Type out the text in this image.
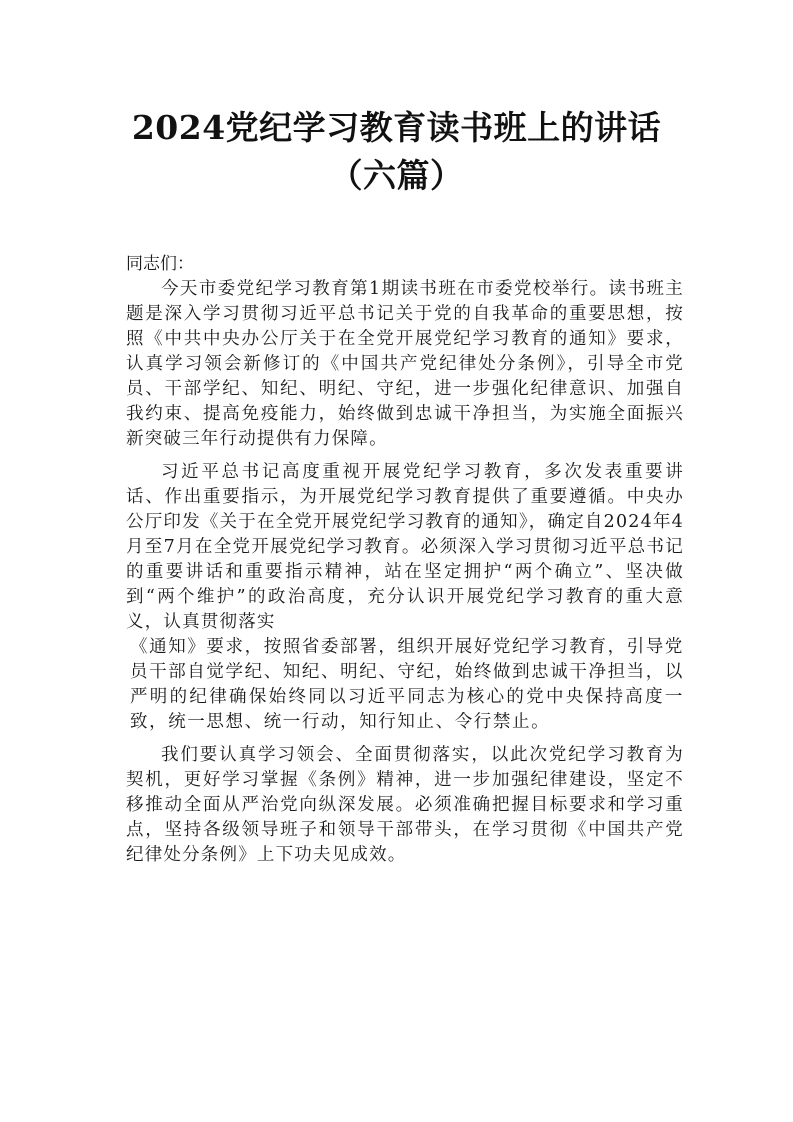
2024党纪学习教育读书班上的讲话
（六篇）

同志们：

今天市委党纪学习教育第1期读书班在市委党校举行。读书班主题是深入学习贯彻习近平总书记关于党的自我革命的重要思想，按照《中共中央办公厅关于在全党开展党纪学习教育的通知》要求，认真学习领会新修订的《中国共产党纪律处分条例》，引导全市党员、干部学纪、知纪、明纪、守纪，进一步强化纪律意识、加强自我约束、提高免疫能力，始终做到忠诚干净担当，为实施全面振兴新突破三年行动提供有力保障。

习近平总书记高度重视开展党纪学习教育，多次发表重要讲话、作出重要指示，为开展党纪学习教育提供了重要遵循。中央办公厅印发《关于在全党开展党纪学习教育的通知》，确定自2024年4月至7月在全党开展党纪学习教育。必须深入学习贯彻习近平总书记的重要讲话和重要指示精神，站在坚定拥护“两个确立”、坚决做到“两个维护”的政治高度，充分认识开展党纪学习教育的重大意义，认真贯彻落实

《通知》要求，按照省委部署，组织开展好党纪学习教育，引导党员干部自觉学纪、知纪、明纪、守纪，始终做到忠诚干净担当，以严明的纪律确保始终同以习近平同志为核心的党中央保持高度一致，统一思想、统一行动，知行知止、令行禁止。

我们要认真学习领会、全面贯彻落实，以此次党纪学习教育为契机，更好学习掌握《条例》精神，进一步加强纪律建设，坚定不移推动全面从严治党向纵深发展。必须准确把握目标要求和学习重点，坚持各级领导班子和领导干部带头，在学习贯彻《中国共产党纪律处分条例》上下功夫见成效。
